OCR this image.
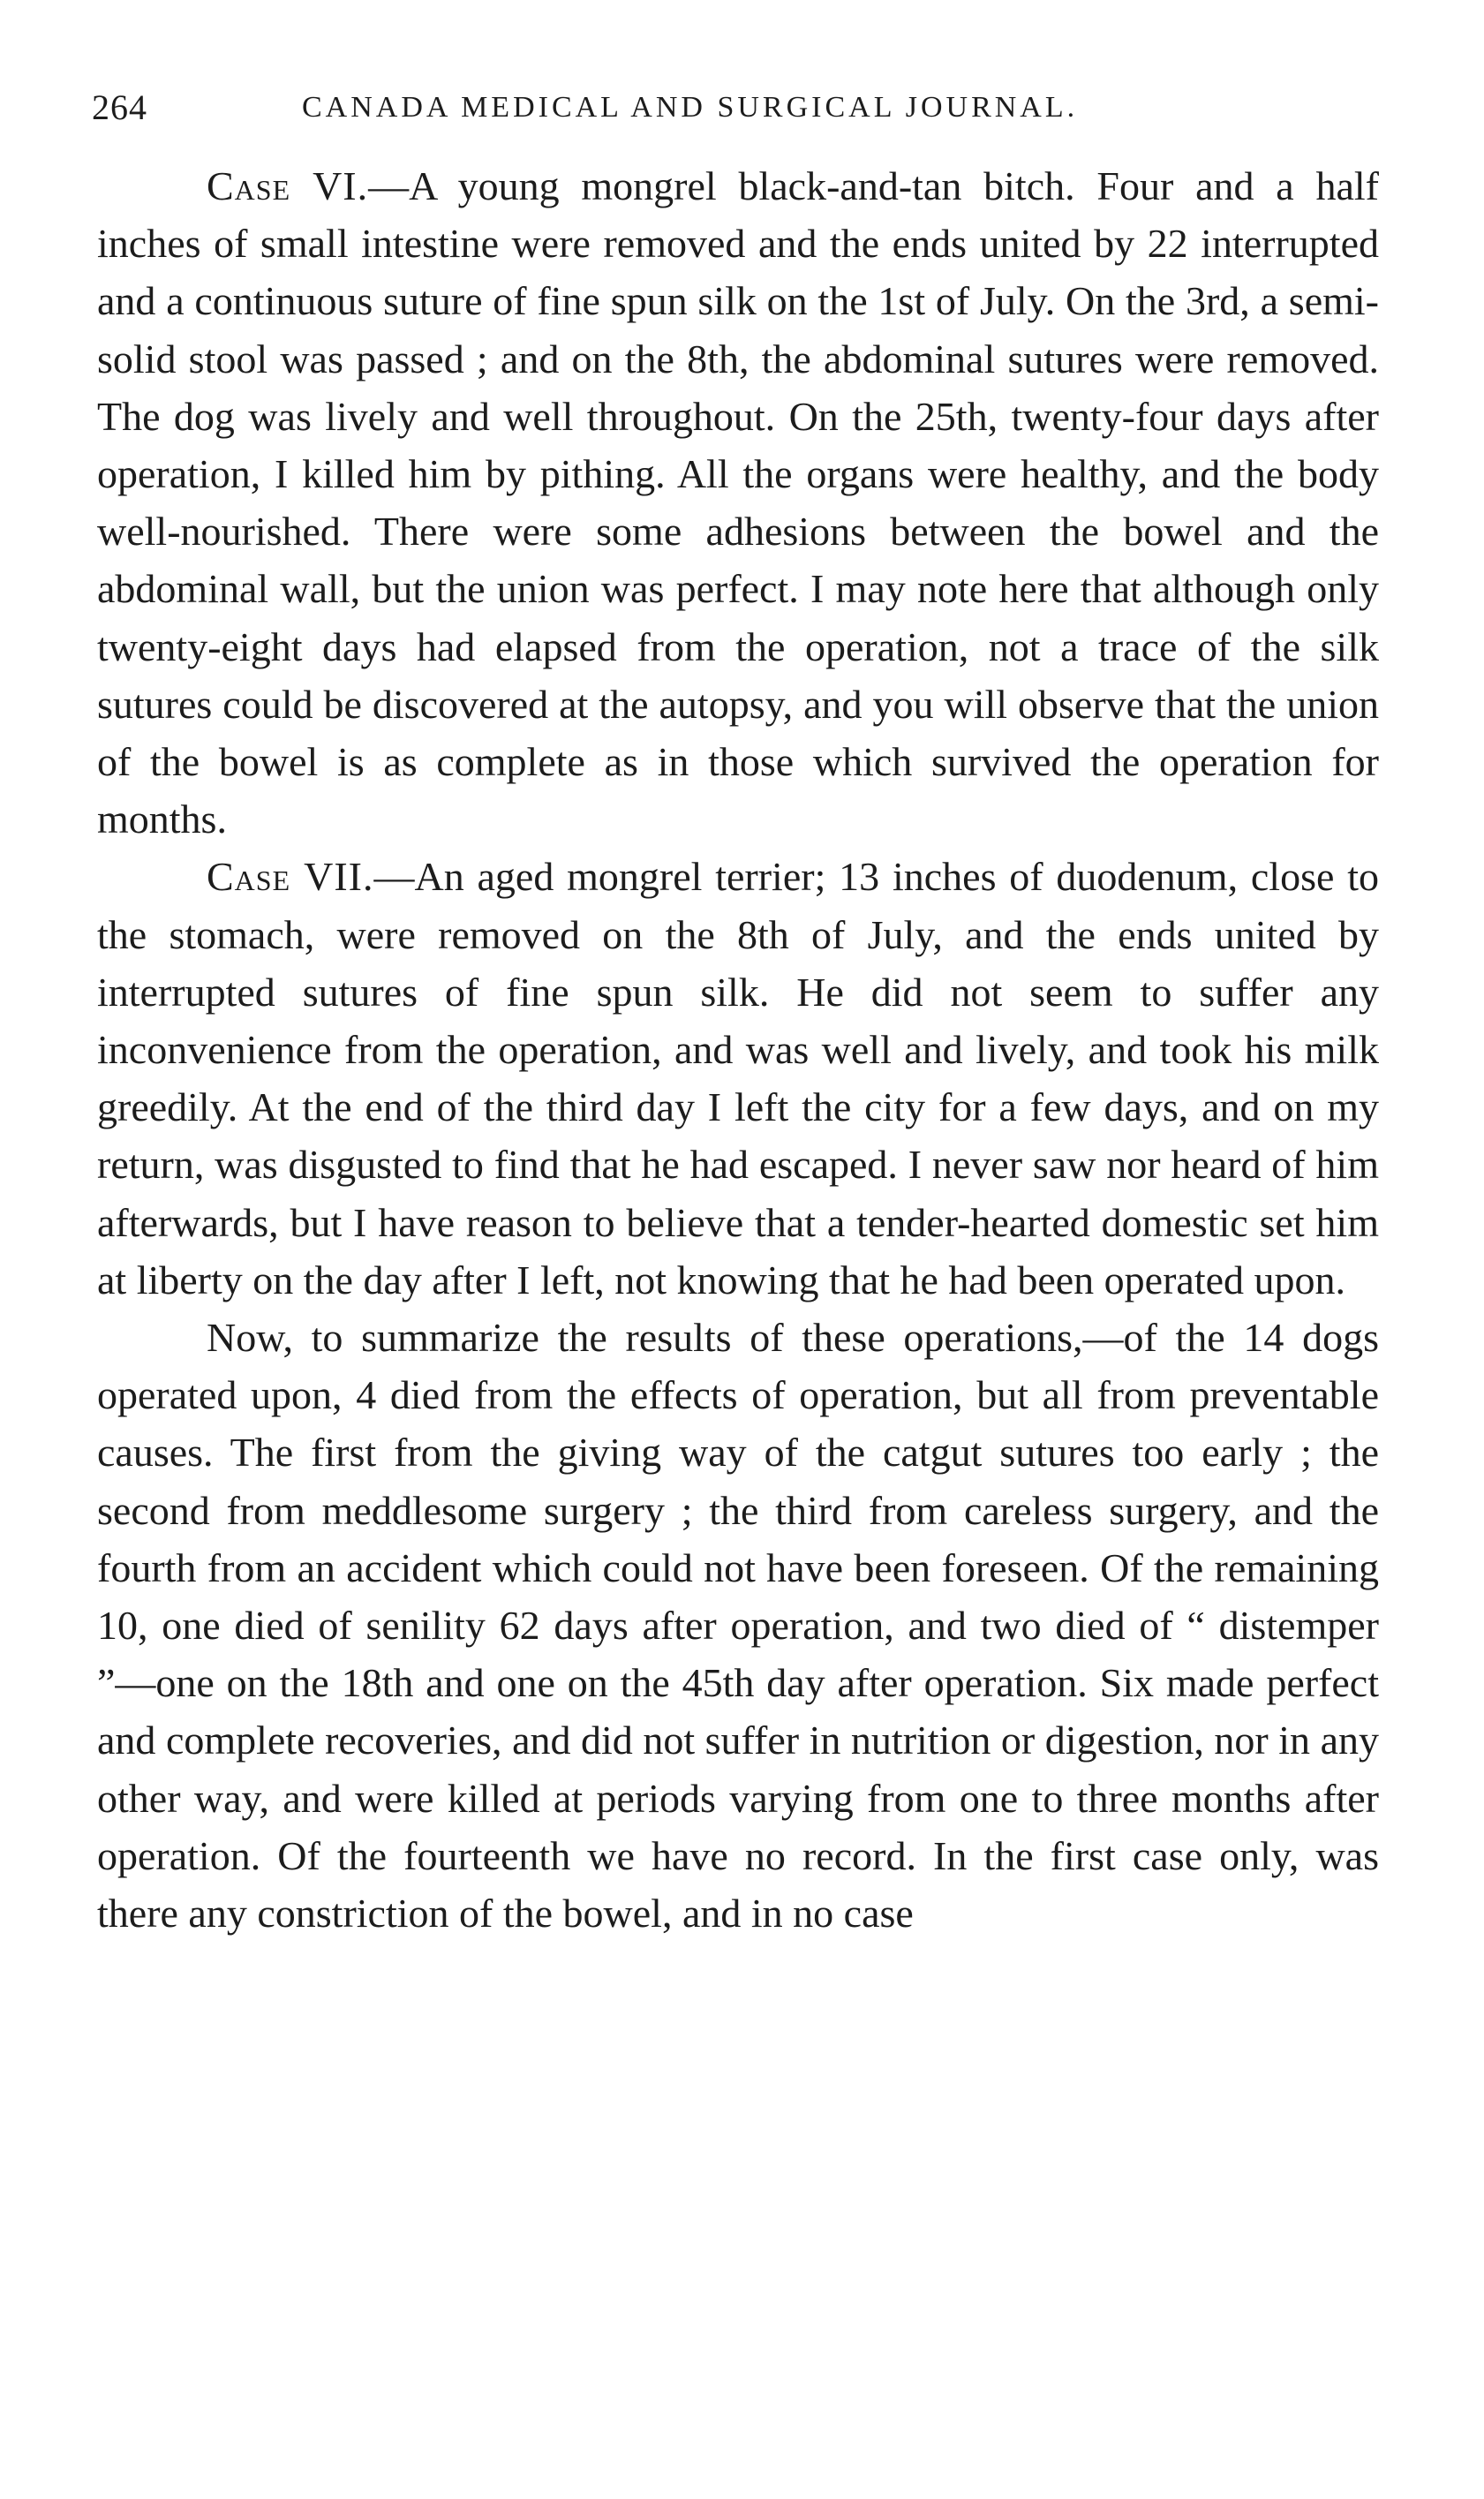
264	CANADA MEDICAL AND SURGICAL JOURNAL.

Case VI.—A young mongrel black-and-tan bitch. Four and a half inches of small intestine were removed and the ends united by 22 interrupted and a continuous suture of fine spun silk on the 1st of July. On the 3rd, a semi-solid stool was passed ; and on the 8th, the abdominal sutures were removed. The dog was lively and well throughout. On the 25th, twenty-four days after operation, I killed him by pithing. All the organs were healthy, and the body well-nourished. There were some adhesions between the bowel and the abdominal wall, but the union was perfect. I may note here that although only twenty-eight days had elapsed from the operation, not a trace of the silk sutures could be discovered at the autopsy, and you will observe that the union of the bowel is as complete as in those which survived the operation for months.

Case VII.—An aged mongrel terrier; 13 inches of duodenum, close to the stomach, were removed on the 8th of July, and the ends united by interrupted sutures of fine spun silk. He did not seem to suffer any inconvenience from the operation, and was well and lively, and took his milk greedily. At the end of the third day I left the city for a few days, and on my return, was disgusted to find that he had escaped. I never saw nor heard of him afterwards, but I have reason to believe that a tender-hearted domestic set him at liberty on the day after I left, not knowing that he had been operated upon.

Now, to summarize the results of these operations,—of the 14 dogs operated upon, 4 died from the effects of operation, but all from preventable causes. The first from the giving way of the catgut sutures too early ; the second from meddlesome surgery ; the third from careless surgery, and the fourth from an accident which could not have been foreseen. Of the remaining 10, one died of senility 62 days after operation, and two died of “ distemper ”—one on the 18th and one on the 45th day after operation. Six made perfect and complete recoveries, and did not suffer in nutrition or digestion, nor in any other way, and were killed at periods varying from one to three months after operation. Of the fourteenth we have no record. In the first case only, was there any constriction of the bowel, and in no case
